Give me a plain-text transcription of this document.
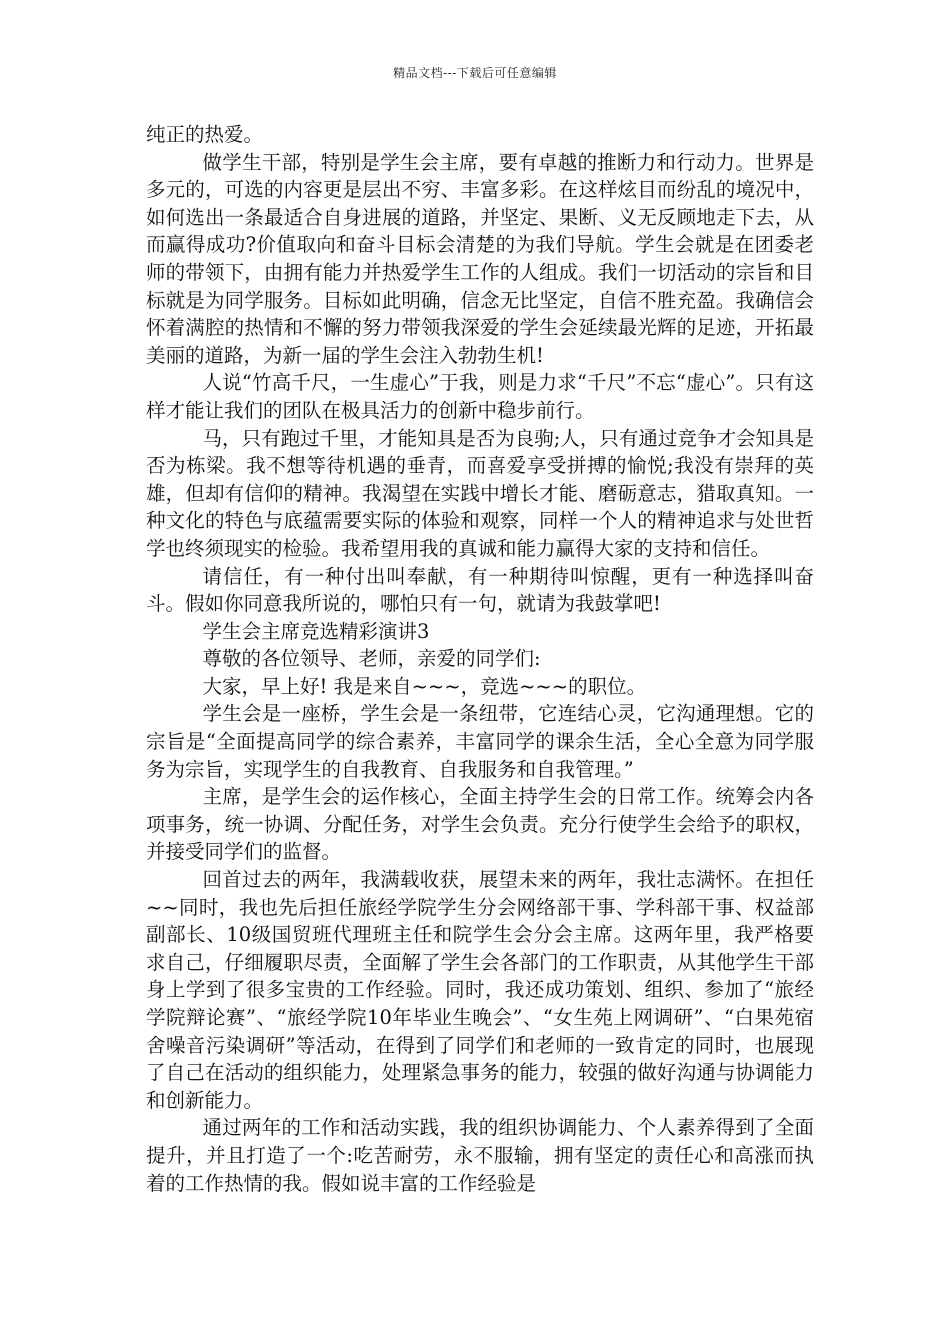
精品文档---下载后可任意编辑

纯正的热爱。

做学生干部，特别是学生会主席，要有卓越的推断力和行动力。世界是多元的，可选的内容更是层出不穷、丰富多彩。在这样炫目而纷乱的境况中，如何选出一条最适合自身进展的道路，并坚定、果断、义无反顾地走下去，从而赢得成功?价值取向和奋斗目标会清楚的为我们导航。学生会就是在团委老师的带领下，由拥有能力并热爱学生工作的人组成。我们一切活动的宗旨和目标就是为同学服务。目标如此明确，信念无比坚定，自信不胜充盈。我确信会怀着满腔的热情和不懈的努力带领我深爱的学生会延续最光辉的足迹，开拓最美丽的道路，为新一届的学生会注入勃勃生机!

人说“竹高千尺，一生虚心”于我，则是力求“千尺”不忘“虚心”。只有这样才能让我们的团队在极具活力的创新中稳步前行。

马，只有跑过千里，才能知具是否为良驹;人，只有通过竞争才会知具是否为栋梁。我不想等待机遇的垂青，而喜爱享受拼搏的愉悦;我没有崇拜的英雄，但却有信仰的精神。我渴望在实践中增长才能、磨砺意志，猎取真知。一种文化的特色与底蕴需要实际的体验和观察，同样一个人的精神追求与处世哲学也终须现实的检验。我希望用我的真诚和能力赢得大家的支持和信任。

请信任，有一种付出叫奉献，有一种期待叫惊醒，更有一种选择叫奋斗。假如你同意我所说的，哪怕只有一句，就请为我鼓掌吧!

学生会主席竞选精彩演讲3

尊敬的各位领导、老师，亲爱的同学们:

大家，早上好! 我是来自~~~，竞选~~~的职位。

学生会是一座桥，学生会是一条纽带，它连结心灵，它沟通理想。它的宗旨是“全面提高同学的综合素养，丰富同学的课余生活，全心全意为同学服务为宗旨，实现学生的自我教育、自我服务和自我管理。”

主席，是学生会的运作核心，全面主持学生会的日常工作。统筹会内各项事务，统一协调、分配任务，对学生会负责。充分行使学生会给予的职权，并接受同学们的监督。

回首过去的两年，我满载收获，展望未来的两年，我壮志满怀。在担任~~同时，我也先后担任旅经学院学生分会网络部干事、学科部干事、权益部副部长、10级国贸班代理班主任和院学生会分会主席。这两年里，我严格要求自己，仔细履职尽责，全面解了学生会各部门的工作职责，从其他学生干部身上学到了很多宝贵的工作经验。同时，我还成功策划、组织、参加了“旅经学院辩论赛”、“旅经学院10年毕业生晚会”、“女生苑上网调研”、“白果苑宿舍噪音污染调研”等活动，在得到了同学们和老师的一致肯定的同时，也展现了自己在活动的组织能力，处理紧急事务的能力，较强的做好沟通与协调能力和创新能力。

通过两年的工作和活动实践，我的组织协调能力、个人素养得到了全面提升，并且打造了一个:吃苦耐劳，永不服输，拥有坚定的责任心和高涨而执着的工作热情的我。假如说丰富的工作经验是
